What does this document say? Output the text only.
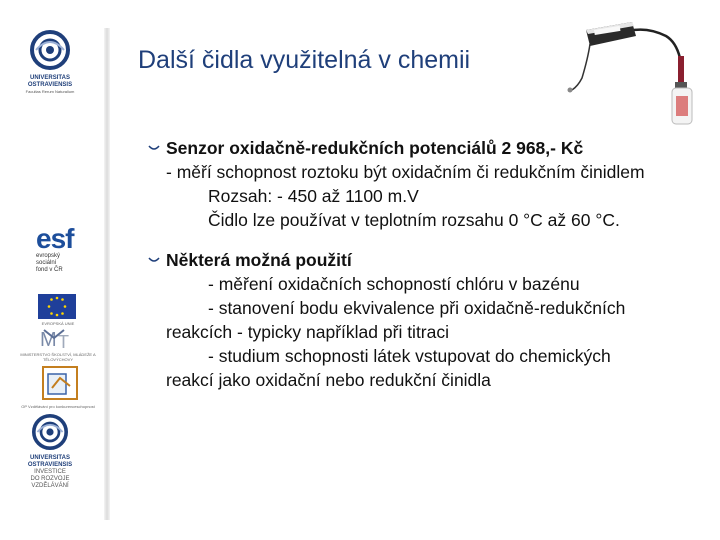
UNIVERSITAS
OSTRAVIENSIS
Facultas Rerum Naturalium
esf
evropský
sociální
fond v ČR
EVROPSKÁ UNIE
M T
MINISTERSTVO ŠKOLSTVÍ, MLÁDEŽE A TĚLOVÝCHOVY
OP Vzdělávání pro konkurenceschopnost
UNIVERSITAS
OSTRAVIENSIS
INVESTICE
DO ROZVOJE
VZDĚLÁVÁNÍ
Další čidla využitelná v chemii
Senzor oxidačně-redukčních potenciálů 2 968,- Kč
- měří schopnost roztoku být oxidačním či redukčním činidlem
Rozsah: - 450 až 1100 m.V
Čidlo lze používat v teplotním rozsahu 0 °C až 60 °C.
Některá možná použití
- měření oxidačních schopností chlóru v bazénu
- stanovení bodu ekvivalence při oxidačně-redukčních
reakcích - typicky například při titraci
- studium schopnosti látek vstupovat do chemických
reakcí jako oxidační nebo redukční činidla
